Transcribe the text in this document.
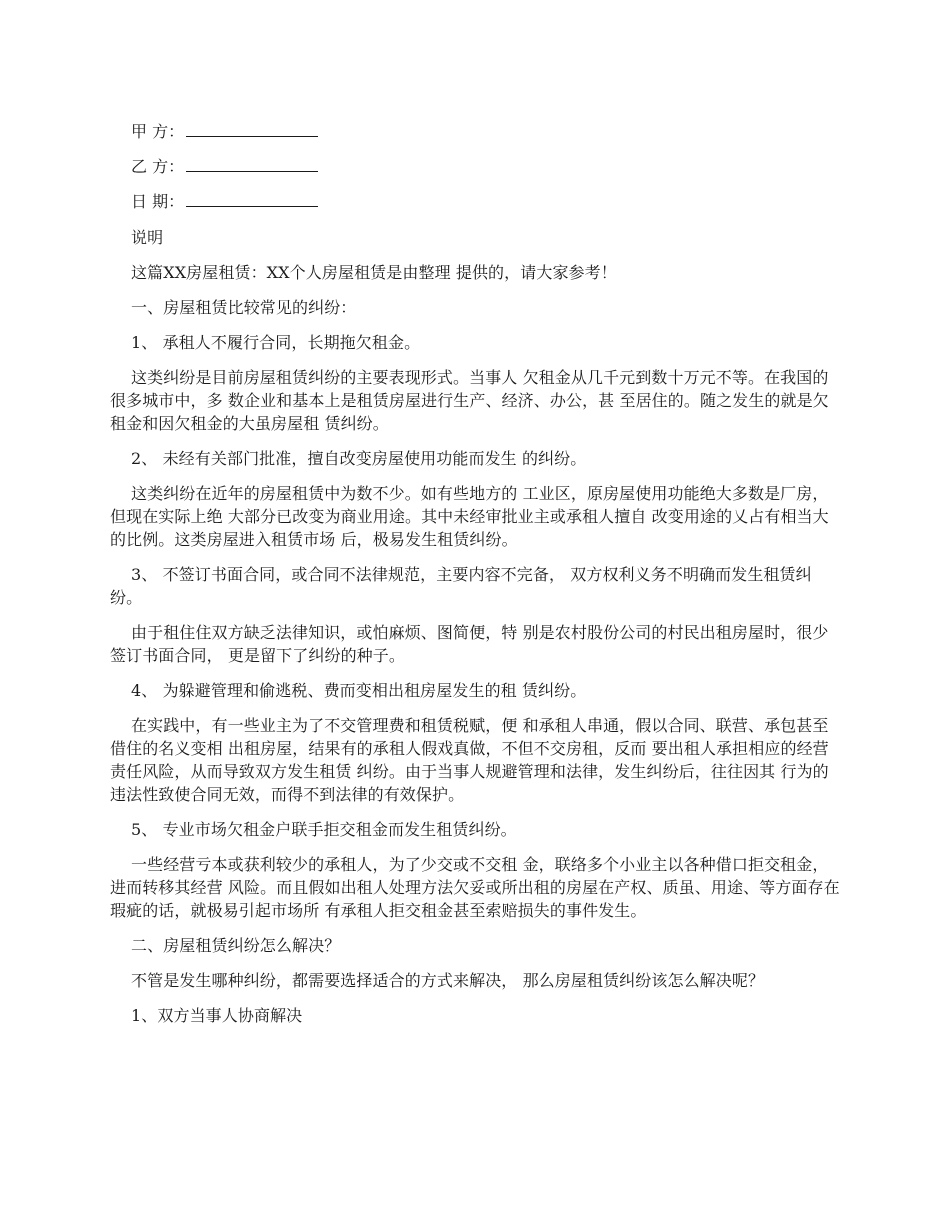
甲 方：
乙 方：
日 期：

说明

这篇XX房屋租赁：XX个人房屋租赁是由整理 提供的，请大家参考！

一、房屋租赁比较常见的纠纷：

1、 承租人不履行合同，长期拖欠租金。

这类纠纷是目前房屋租赁纠纷的主要表现形式。当事人 欠租金从几千元到数十万元不等。在我国的很多城市中，多 数企业和基本上是租赁房屋进行生产、经济、办公，甚 至居住的。随之发生的就是欠租金和因欠租金的大虽房屋租 赁纠纷。

2、 未经有关部门批准，擅自改变房屋使用功能而发生 的纠纷。

这类纠纷在近年的房屋租赁中为数不少。如有些地方的 工业区，原房屋使用功能绝大多数是厂房，但现在实际上绝 大部分已改变为商业用途。其中未经审批业主或承租人擅自 改变用途的乂占有相当大的比例。这类房屋进入租赁市场 后，极易发生租赁纠纷。

3、 不签订书面合同，或合同不法律规范，主要内容不完备， 双方权利义务不明确而发生租赁纠纷。

由于租住住双方缺乏法律知识，或怕麻烦、图简便，特 别是农村股份公司的村民出租房屋时，很少签订书面合同， 更是留下了纠纷的种子。

4、 为躲避管理和偷逃税、费而变相出租房屋发生的租 赁纠纷。

在实践中，有一些业主为了不交管理费和租赁税赋，便 和承租人串通，假以合同、联营、承包甚至借住的名义变相 出租房屋，结果有的承租人假戏真做，不但不交房租，反而 要出租人承担相应的经营责任风险，从而导致双方发生租赁 纠纷。由于当事人规避管理和法律，发生纠纷后，往往因其 行为的违法性致使合同无效，而得不到法律的有效保护。

5、 专业市场欠租金户联手拒交租金而发生租赁纠纷。

一些经营亏本或获利较少的承租人，为了少交或不交租 金，联络多个小业主以各种借口拒交租金，进而转移其经营 风险。而且假如出租人处理方法欠妥或所出租的房屋在产权、质虽、用途、等方面存在瑕疵的话，就极易引起市场所 有承租人拒交租金甚至索赔损失的事件发生。

二、房屋租赁纠纷怎么解决？

不管是发生哪种纠纷，都需要选择适合的方式来解决， 那么房屋租赁纠纷该怎么解决呢？

1、双方当事人协商解决
